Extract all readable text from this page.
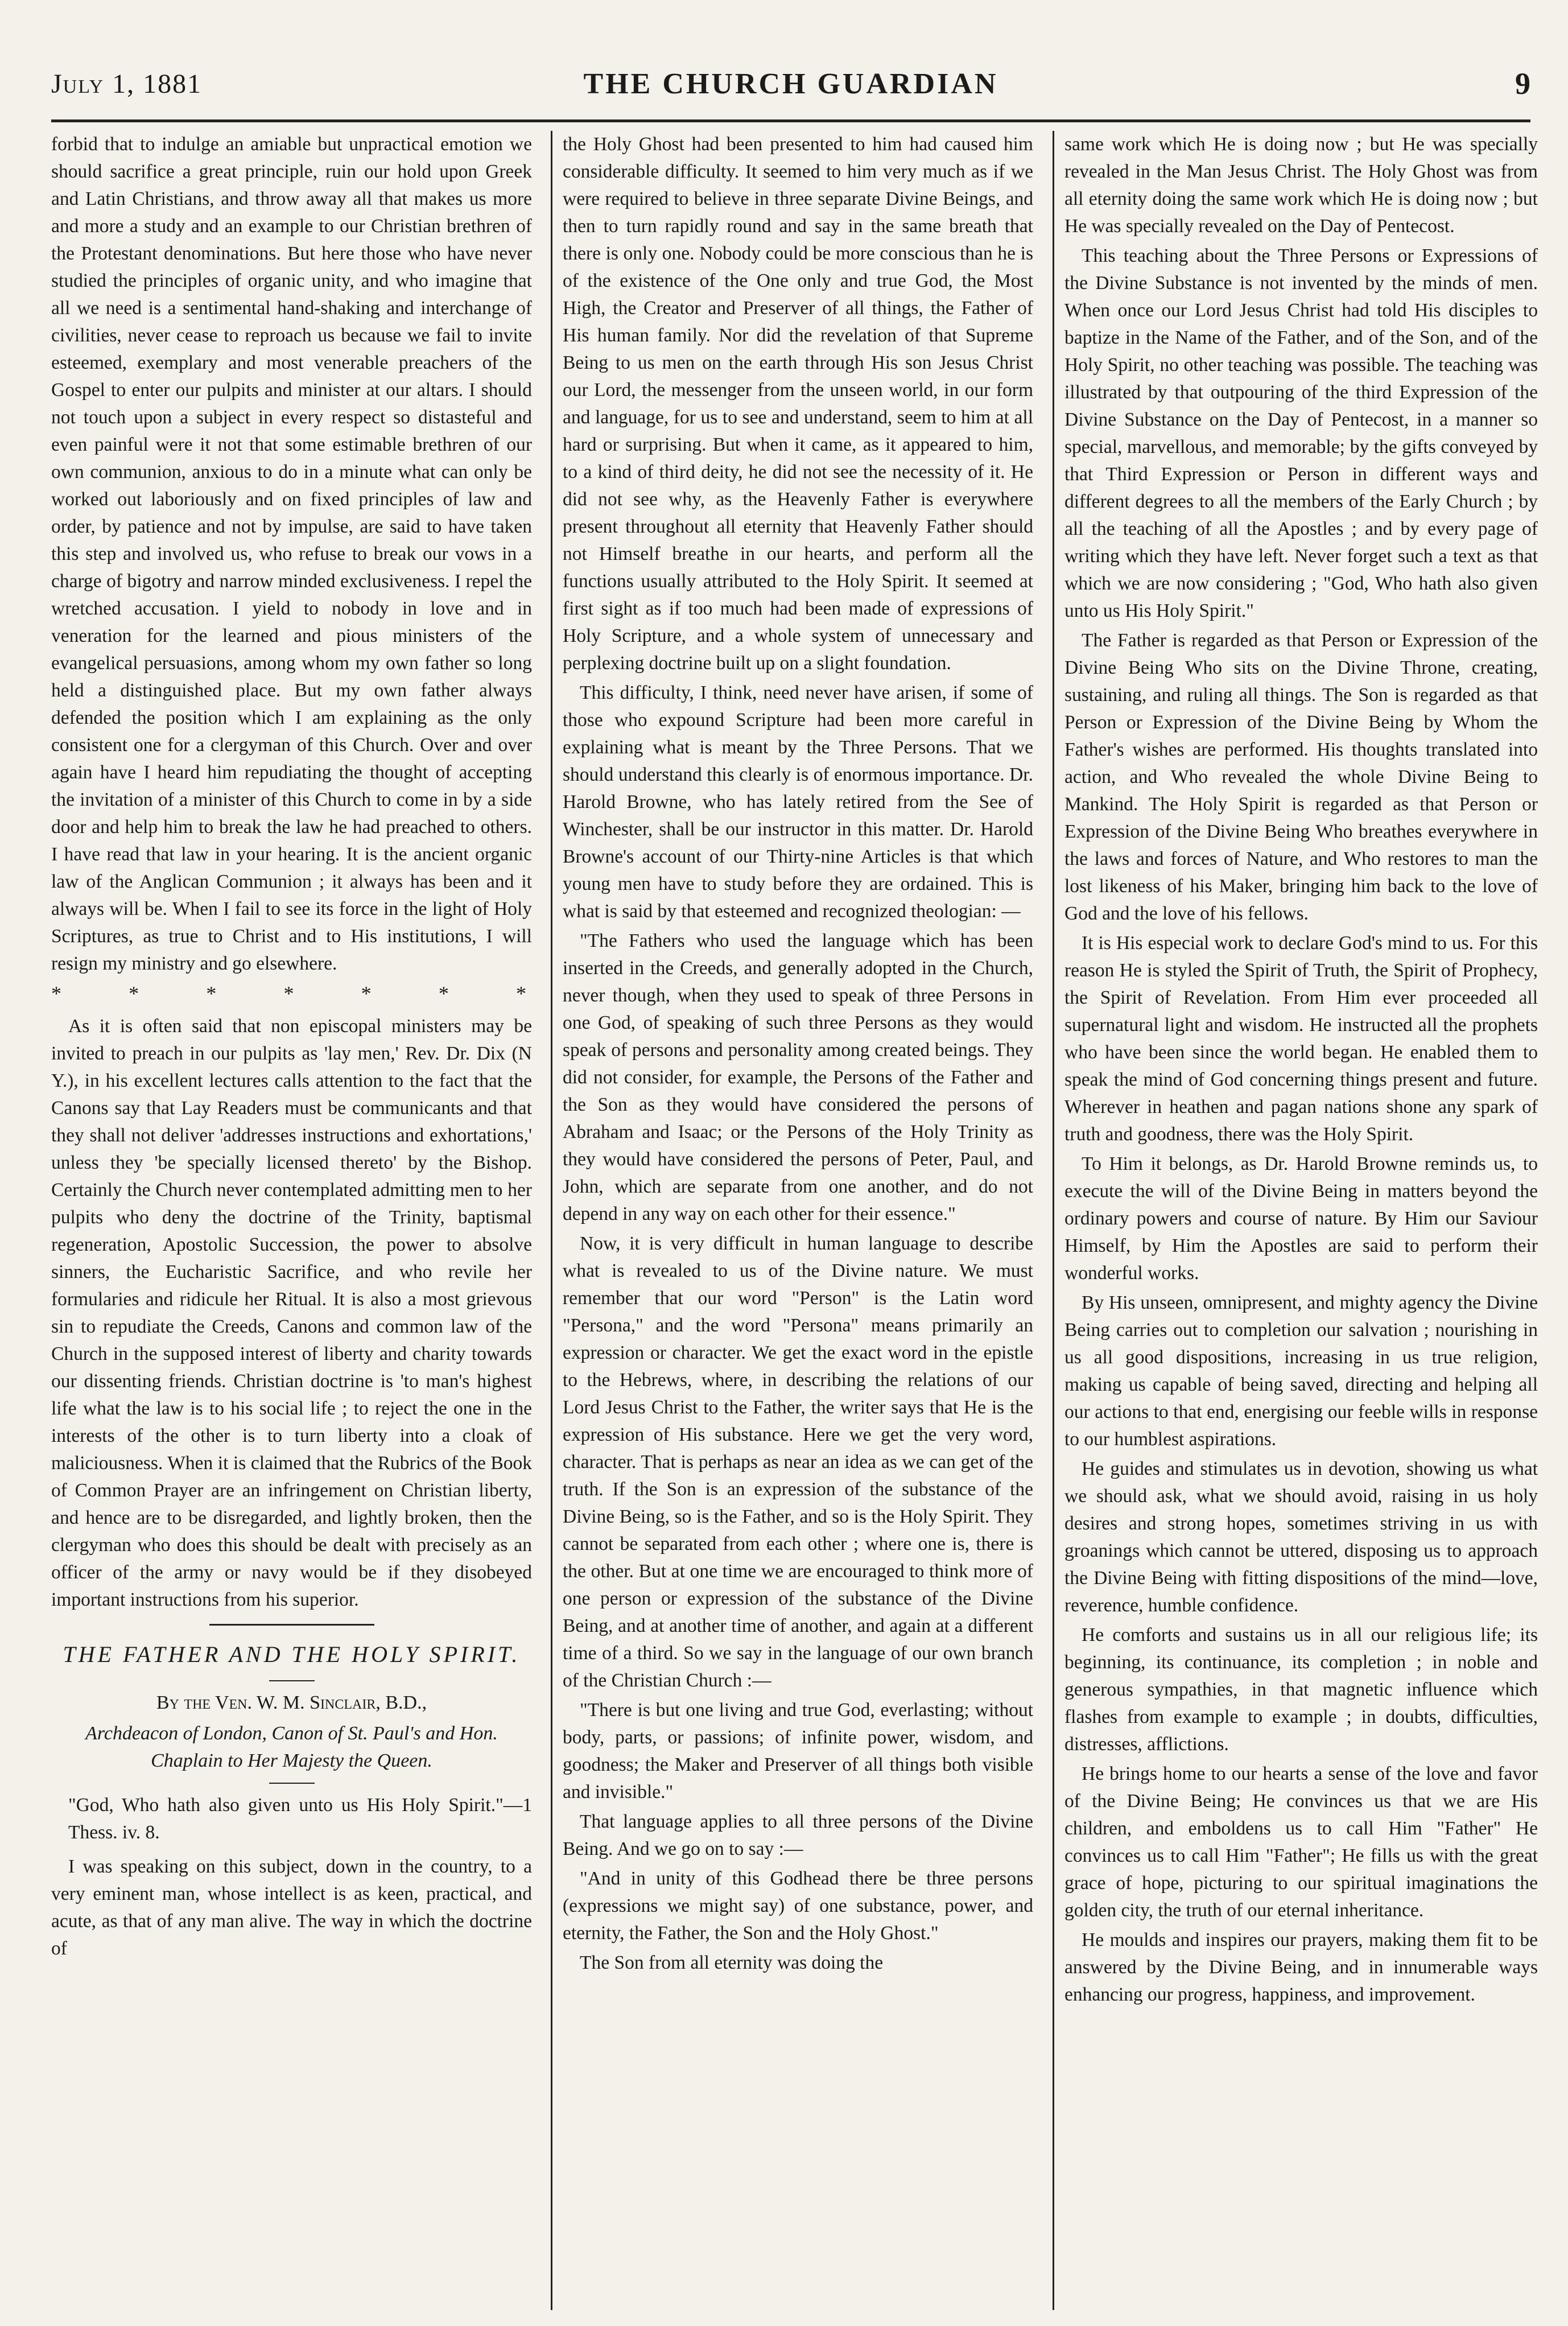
July 1, 1881	THE CHURCH GUARDIAN	9

forbid that to indulge an amiable but unpractical emotion we should sacrifice a great principle, ruin our hold upon Greek and Latin Christians, and throw away all that makes us more and more a study and an example to our Christian brethren of the Protestant denominations. But here those who have never studied the principles of organic unity, and who imagine that all we need is a sentimental hand-shaking and interchange of civilities, never cease to reproach us because we fail to invite esteemed, exemplary and most venerable preachers of the Gospel to enter our pulpits and minister at our altars. I should not touch upon a subject in every respect so distasteful and even painful were it not that some estimable brethren of our own communion, anxious to do in a minute what can only be worked out laboriously and on fixed principles of law and order, by patience and not by impulse, are said to have taken this step and involved us, who refuse to break our vows in a charge of bigotry and narrow minded exclusiveness. I repel the wretched accusation. I yield to nobody in love and in veneration for the learned and pious ministers of the evangelical persuasions, among whom my own father so long held a distinguished place. But my own father always defended the position which I am explaining as the only consistent one for a clergyman of this Church. Over and over again have I heard him repudiating the thought of accepting the invitation of a minister of this Church to come in by a side door and help him to break the law he had preached to others. I have read that law in your hearing. It is the ancient organic law of the Anglican Communion ; it always has been and it always will be. When I fail to see its force in the light of Holy Scriptures, as true to Christ and to His institutions, I will resign my ministry and go elsewhere.

* * * * * * *

As it is often said that non episcopal ministers may be invited to preach in our pulpits as 'lay men,' Rev. Dr. Dix (N Y.), in his excellent lectures calls attention to the fact that the Canons say that Lay Readers must be communicants and that they shall not deliver 'addresses instructions and exhortations,' unless they 'be specially licensed thereto' by the Bishop. Certainly the Church never contemplated admitting men to her pulpits who deny the doctrine of the Trinity, baptismal regeneration, Apostolic Succession, the power to absolve sinners, the Eucharistic Sacrifice, and who revile her formularies and ridicule her Ritual. It is also a most grievous sin to repudiate the Creeds, Canons and common law of the Church in the supposed interest of liberty and charity towards our dissenting friends. Christian doctrine is 'to man's highest life what the law is to his social life ; to reject the one in the interests of the other is to turn liberty into a cloak of maliciousness. When it is claimed that the Rubrics of the Book of Common Prayer are an infringement on Christian liberty, and hence are to be disregarded, and lightly broken, then the clergyman who does this should be dealt with precisely as an officer of the army or navy would be if they disobeyed important instructions from his superior.

THE FATHER AND THE HOLY SPIRIT.
By the Ven. W. M. Sinclair, B.D.,
Archdeacon of London, Canon of St. Paul's and Hon. Chaplain to Her Majesty the Queen.

"God, Who hath also given unto us His Holy Spirit."—1 Thess. iv. 8.

I was speaking on this subject, down in the country, to a very eminent man, whose intellect is as keen, practical, and acute, as that of any man alive. The way in which the doctrine of

the Holy Ghost had been presented to him had caused him considerable difficulty. It seemed to him very much as if we were required to believe in three separate Divine Beings, and then to turn rapidly round and say in the same breath that there is only one. Nobody could be more conscious than he is of the existence of the One only and true God, the Most High, the Creator and Preserver of all things, the Father of His human family. Nor did the revelation of that Supreme Being to us men on the earth through His son Jesus Christ our Lord, the messenger from the unseen world, in our form and language, for us to see and understand, seem to him at all hard or surprising. But when it came, as it appeared to him, to a kind of third deity, he did not see the necessity of it. He did not see why, as the Heavenly Father is everywhere present throughout all eternity that Heavenly Father should not Himself breathe in our hearts, and perform all the functions usually attributed to the Holy Spirit. It seemed at first sight as if too much had been made of expressions of Holy Scripture, and a whole system of unnecessary and perplexing doctrine built up on a slight foundation.

This difficulty, I think, need never have arisen, if some of those who expound Scripture had been more careful in explaining what is meant by the Three Persons. That we should understand this clearly is of enormous importance. Dr. Harold Browne, who has lately retired from the See of Winchester, shall be our instructor in this matter. Dr. Harold Browne's account of our Thirty-nine Articles is that which young men have to study before they are ordained. This is what is said by that esteemed and recognized theologian: —

"The Fathers who used the language which has been inserted in the Creeds, and generally adopted in the Church, never though, when they used to speak of three Persons in one God, of speaking of such three Persons as they would speak of persons and personality among created beings. They did not consider, for example, the Persons of the Father and the Son as they would have considered the persons of Abraham and Isaac; or the Persons of the Holy Trinity as they would have considered the persons of Peter, Paul, and John, which are separate from one another, and do not depend in any way on each other for their essence."

Now, it is very difficult in human language to describe what is revealed to us of the Divine nature. We must remember that our word "Person" is the Latin word "Persona," and the word "Persona" means primarily an expression or character. We get the exact word in the epistle to the Hebrews, where, in describing the relations of our Lord Jesus Christ to the Father, the writer says that He is the expression of His substance. Here we get the very word, character. That is perhaps as near an idea as we can get of the truth. If the Son is an expression of the substance of the Divine Being, so is the Father, and so is the Holy Spirit. They cannot be separated from each other ; where one is, there is the other. But at one time we are encouraged to think more of one person or expression of the substance of the Divine Being, and at another time of another, and again at a different time of a third. So we say in the language of our own branch of the Christian Church :—

"There is but one living and true God, everlasting; without body, parts, or passions; of infinite power, wisdom, and goodness; the Maker and Preserver of all things both visible and invisible."

That language applies to all three persons of the Divine Being. And we go on to say :—

"And in unity of this Godhead there be three persons (expressions we might say) of one substance, power, and eternity, the Father, the Son and the Holy Ghost."

The Son from all eternity was doing the

same work which He is doing now ; but He was specially revealed in the Man Jesus Christ. The Holy Ghost was from all eternity doing the same work which He is doing now ; but He was specially revealed on the Day of Pentecost.

This teaching about the Three Persons or Expressions of the Divine Substance is not invented by the minds of men. When once our Lord Jesus Christ had told His disciples to baptize in the Name of the Father, and of the Son, and of the Holy Spirit, no other teaching was possible. The teaching was illustrated by that outpouring of the third Expression of the Divine Substance on the Day of Pentecost, in a manner so special, marvellous, and memorable; by the gifts conveyed by that Third Expression or Person in different ways and different degrees to all the members of the Early Church ; by all the teaching of all the Apostles ; and by every page of writing which they have left. Never forget such a text as that which we are now considering ; "God, Who hath also given unto us His Holy Spirit."

The Father is regarded as that Person or Expression of the Divine Being Who sits on the Divine Throne, creating, sustaining, and ruling all things. The Son is regarded as that Person or Expression of the Divine Being by Whom the Father's wishes are performed. His thoughts translated into action, and Who revealed the whole Divine Being to Mankind. The Holy Spirit is regarded as that Person or Expression of the Divine Being Who breathes everywhere in the laws and forces of Nature, and Who restores to man the lost likeness of his Maker, bringing him back to the love of God and the love of his fellows.

It is His especial work to declare God's mind to us. For this reason He is styled the Spirit of Truth, the Spirit of Prophecy, the Spirit of Revelation. From Him ever proceeded all supernatural light and wisdom. He instructed all the prophets who have been since the world began. He enabled them to speak the mind of God concerning things present and future. Wherever in heathen and pagan nations shone any spark of truth and goodness, there was the Holy Spirit.

To Him it belongs, as Dr. Harold Browne reminds us, to execute the will of the Divine Being in matters beyond the ordinary powers and course of nature. By Him our Saviour Himself, by Him the Apostles are said to perform their wonderful works.

By His unseen, omnipresent, and mighty agency the Divine Being carries out to completion our salvation ; nourishing in us all good dispositions, increasing in us true religion, making us capable of being saved, directing and helping all our actions to that end, energising our feeble wills in response to our humblest aspirations.

He guides and stimulates us in devotion, showing us what we should ask, what we should avoid, raising in us holy desires and strong hopes, sometimes striving in us with groanings which cannot be uttered, disposing us to approach the Divine Being with fitting dispositions of the mind—love, reverence, humble confidence.

He comforts and sustains us in all our religious life; its beginning, its continuance, its completion ; in noble and generous sympathies, in that magnetic influence which flashes from example to example ; in doubts, difficulties, distresses, afflictions.

He brings home to our hearts a sense of the love and favor of the Divine Being; He convinces us that we are His children, and emboldens us to call Him "Father" He convinces us to call Him "Father"; He fills us with the great grace of hope, picturing to our spiritual imaginations the golden city, the truth of our eternal inheritance.

He moulds and inspires our prayers, making them fit to be answered by the Divine Being, and in innumerable ways enhancing our progress, happiness, and improvement.
